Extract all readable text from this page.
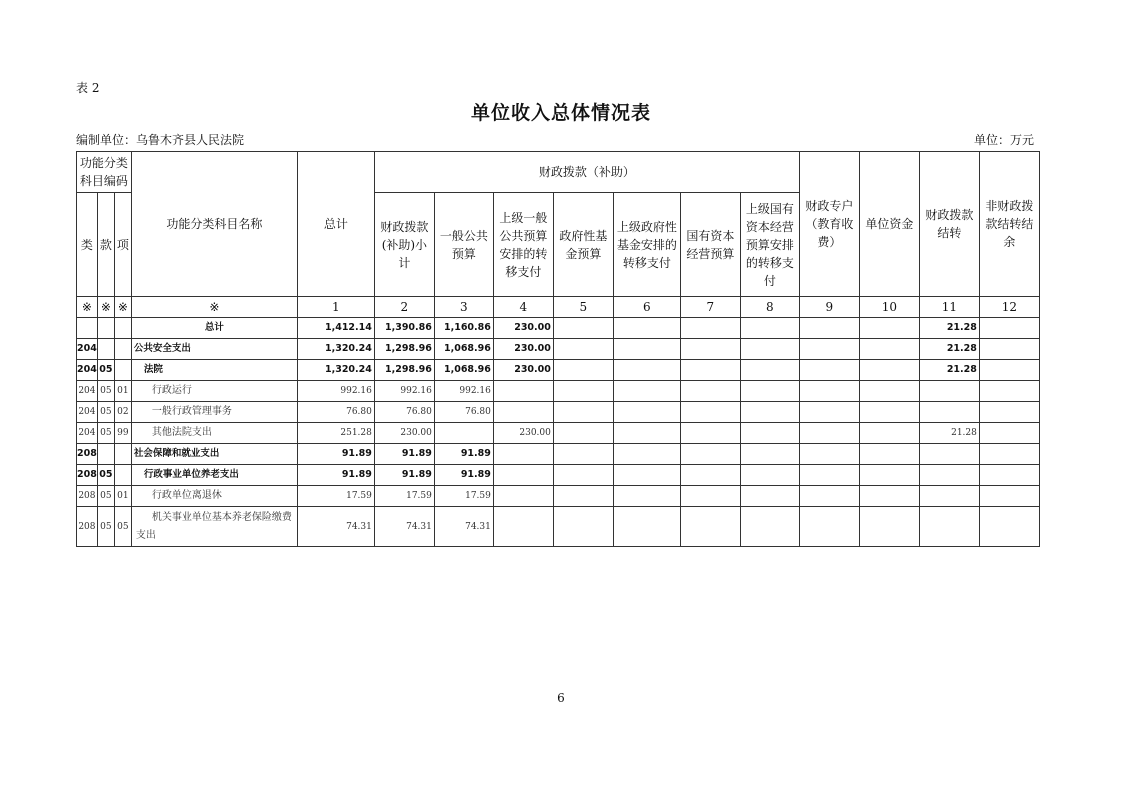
表 2
单位收入总体情况表
编制单位：乌鲁木齐县人民法院	单位：万元
功能分类科目编码			功能分类科目名称	总计	财政拨款（补助）							财政专户（教育收费）	单位资金	财政拨款结转	非财政拨款结转结余
类	款	项			财政拨款(补助)小计	一般公共预算	上级一般公共预算安排的转移支付	政府性基金预算	上级政府性基金安排的转移支付	国有资本经营预算	上级国有资本经营预算安排的转移支付				
※	※	※	※	1	2	3	4	5	6	7	8	9	10	11	12
			总计	1,412.14	1,390.86	1,160.86	230.00							21.28	
204			公共安全支出	1,320.24	1,298.96	1,068.96	230.00							21.28	
204	05		法院	1,320.24	1,298.96	1,068.96	230.00							21.28	
204	05	01	行政运行	992.16	992.16	992.16									
204	05	02	一般行政管理事务	76.80	76.80	76.80									
204	05	99	其他法院支出	251.28	230.00		230.00							21.28	
208			社会保障和就业支出	91.89	91.89	91.89									
208	05		行政事业单位养老支出	91.89	91.89	91.89									
208	05	01	行政单位离退休	17.59	17.59	17.59									
208	05	05	机关事业单位基本养老保险缴费支出	74.31	74.31	74.31									
6
